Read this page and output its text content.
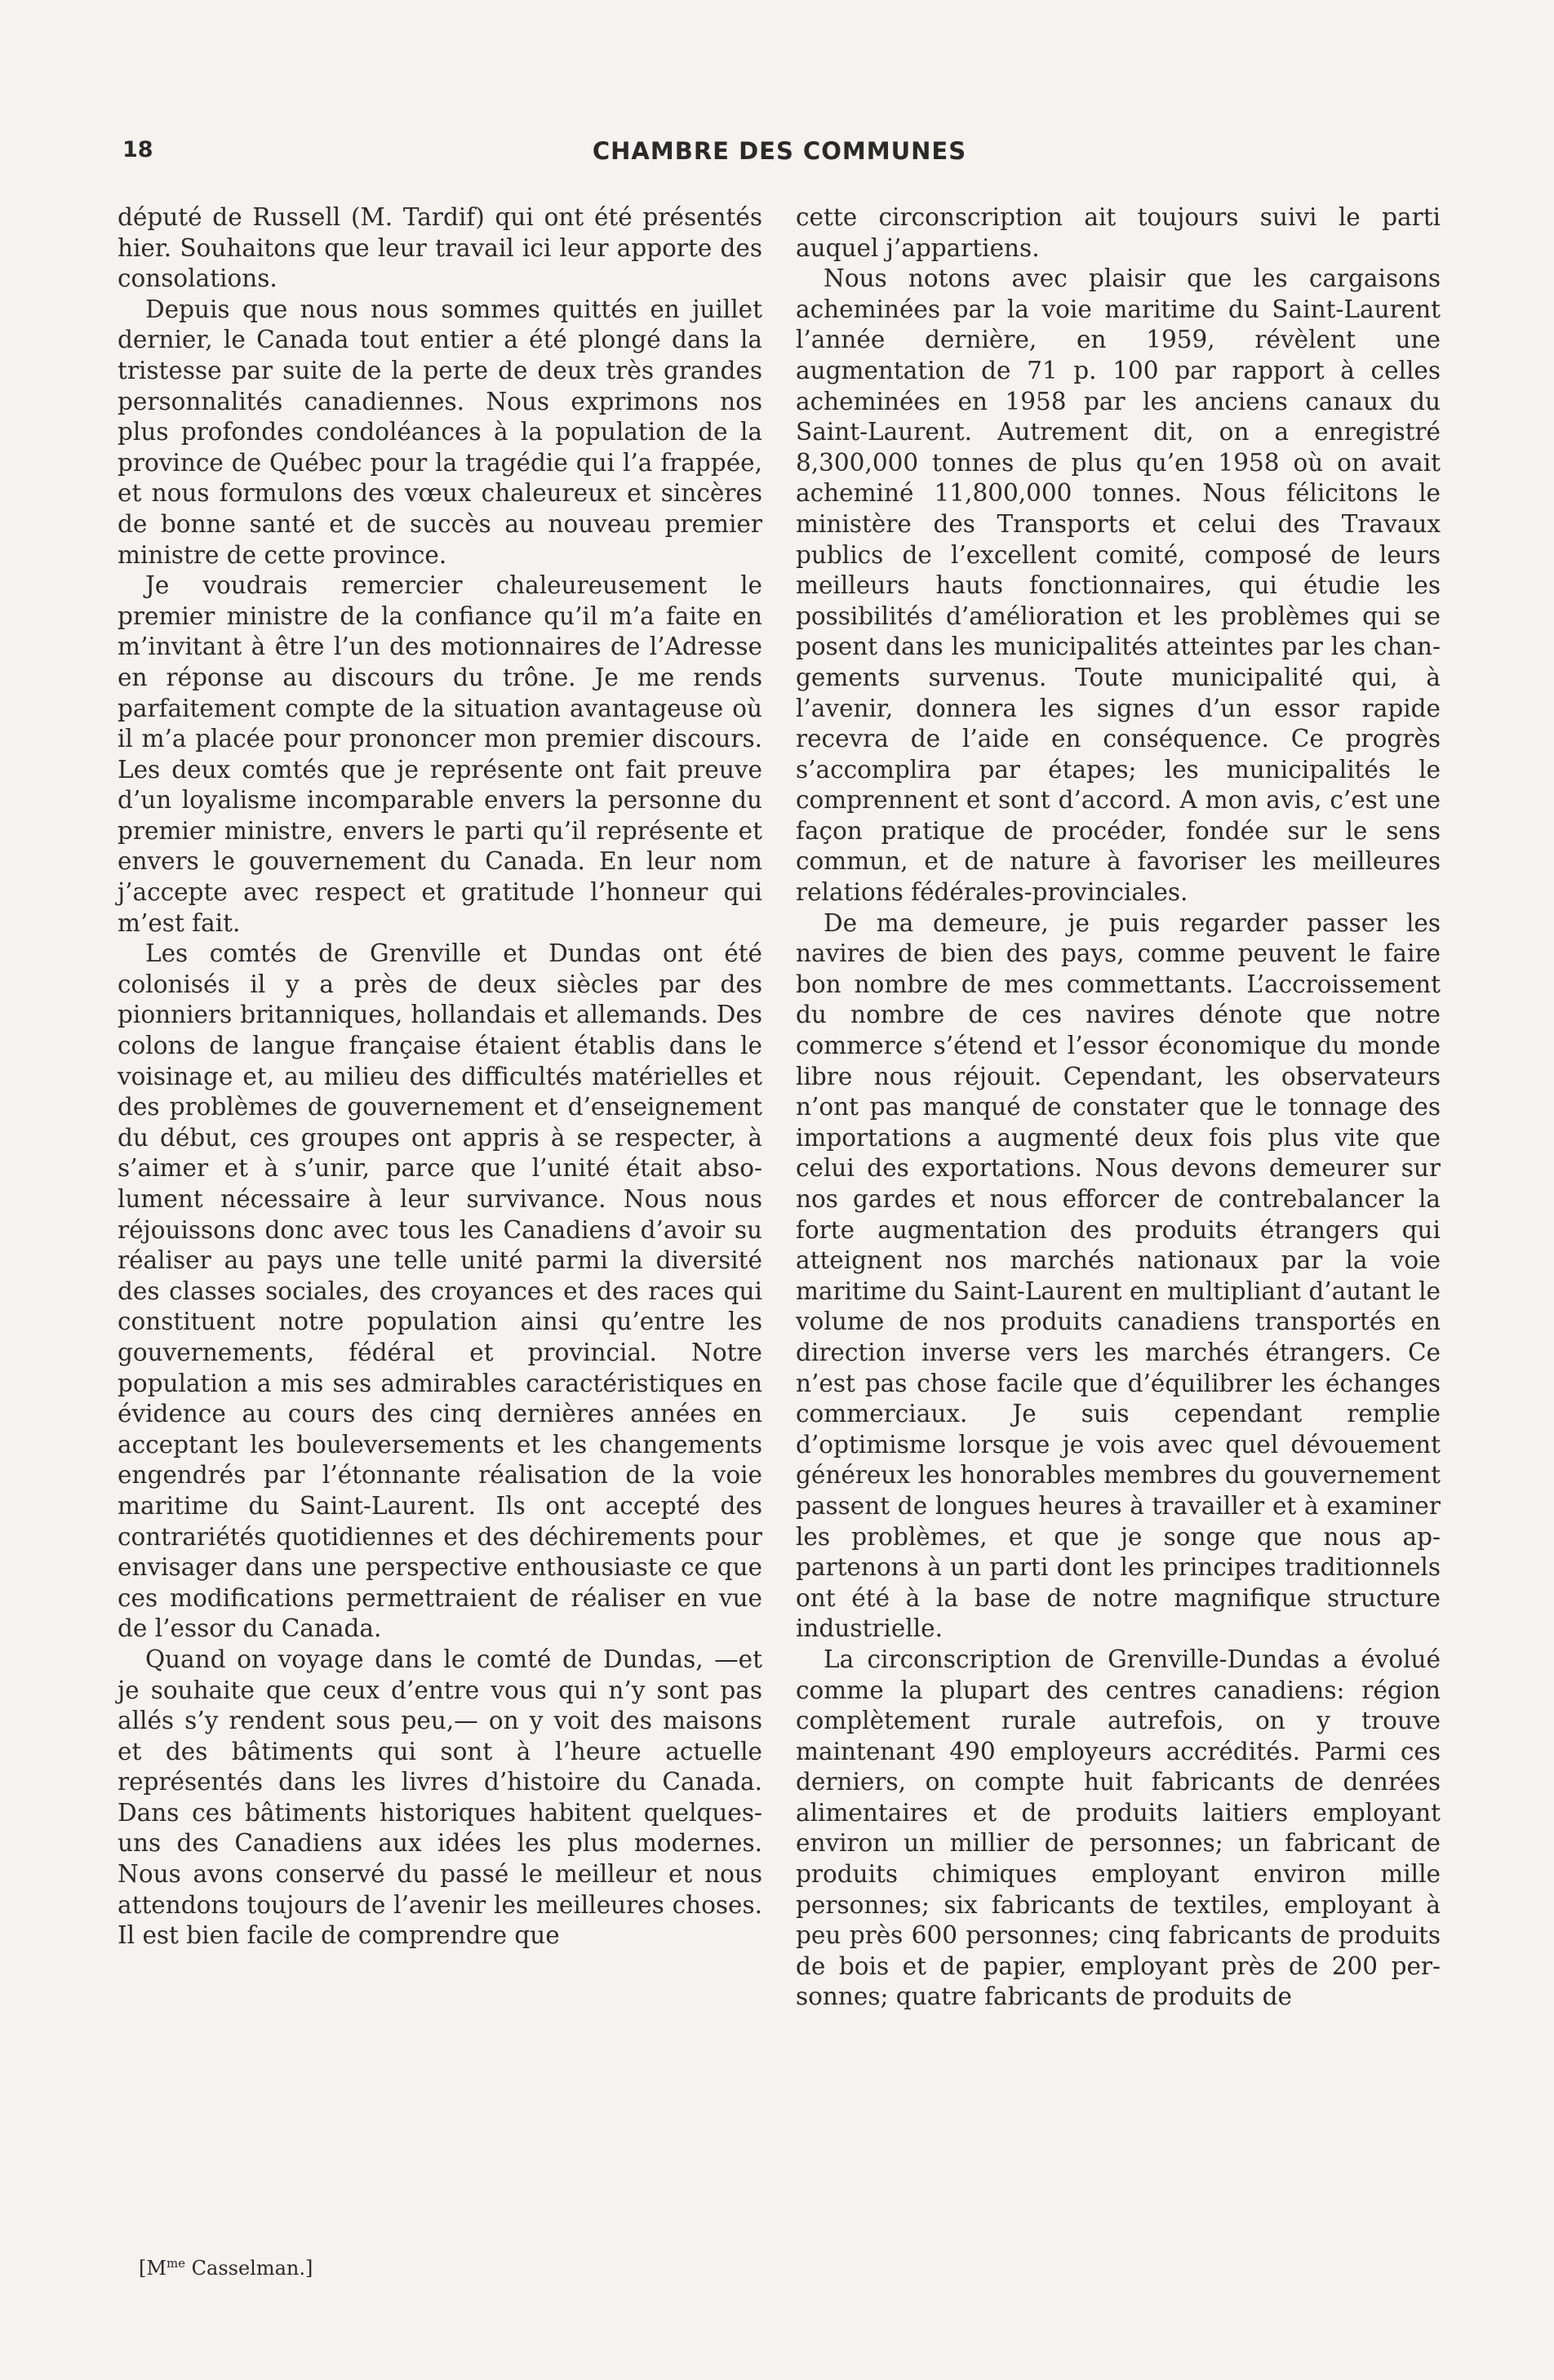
18	CHAMBRE DES COMMUNES

député de Russell (M. Tardif) qui ont été présentés hier. Souhaitons que leur travail ici leur apporte des consolations.

Depuis que nous nous sommes quittés en juillet dernier, le Canada tout entier a été plongé dans la tristesse par suite de la perte de deux très grandes personnalités canadiennes. Nous exprimons nos plus profondes condoléances à la population de la province de Québec pour la tragédie qui l’a frappée, et nous formulons des vœux chaleureux et sincères de bonne santé et de succès au nouveau premier ministre de cette province.

Je voudrais remercier chaleureusement le premier ministre de la confiance qu’il m’a faite en m’invitant à être l’un des motionnaires de l’Adresse en réponse au discours du trône. Je me rends parfaitement compte de la situation avantageuse où il m’a placée pour prononcer mon premier discours. Les deux comtés que je représente ont fait preuve d’un loyalisme incomparable envers la personne du premier ministre, envers le parti qu’il représente et envers le gouvernement du Canada. En leur nom j’accepte avec respect et gratitude l’honneur qui m’est fait.

Les comtés de Grenville et Dundas ont été colonisés il y a près de deux siècles par des pionniers britanniques, hollandais et allemands. Des colons de langue française étaient établis dans le voisinage et, au milieu des difficultés matérielles et des problèmes de gouvernement et d’enseignement du début, ces groupes ont appris à se respecter, à s’aimer et à s’unir, parce que l’unité était absolument nécessaire à leur survivance. Nous nous réjouissons donc avec tous les Canadiens d’avoir su réaliser au pays une telle unité parmi la diversité des classes sociales, des croyances et des races qui constituent notre population ainsi qu’entre les gouvernements, fédéral et provincial. Notre population a mis ses admirables caractéristiques en évidence au cours des cinq dernières années en acceptant les bouleversements et les changements engendrés par l’étonnante réalisation de la voie maritime du Saint-Laurent. Ils ont accepté des contrariétés quotidiennes et des déchirements pour envisager dans une perspective enthousiaste ce que ces modifications permettraient de réaliser en vue de l’essor du Canada.

Quand on voyage dans le comté de Dundas, —et je souhaite que ceux d’entre vous qui n’y sont pas allés s’y rendent sous peu,— on y voit des maisons et des bâtiments qui sont à l’heure actuelle représentés dans les livres d’histoire du Canada. Dans ces bâtiments historiques habitent quelques-uns des Canadiens aux idées les plus modernes. Nous avons conservé du passé le meilleur et nous attendons toujours de l’avenir les meilleures choses. Il est bien facile de comprendre que

cette circonscription ait toujours suivi le parti auquel j’appartiens.

Nous notons avec plaisir que les cargaisons acheminées par la voie maritime du Saint-Laurent l’année dernière, en 1959, révèlent une augmentation de 71 p. 100 par rapport à celles acheminées en 1958 par les anciens canaux du Saint-Laurent. Autrement dit, on a enregistré 8,300,000 tonnes de plus qu’en 1958 où on avait acheminé 11,800,000 tonnes. Nous félicitons le ministère des Transports et celui des Travaux publics de l’excellent comité, composé de leurs meilleurs hauts fonctionnaires, qui étudie les possibilités d’amélioration et les problèmes qui se posent dans les municipalités atteintes par les changements survenus. Toute municipalité qui, à l’avenir, donnera les signes d’un essor rapide recevra de l’aide en conséquence. Ce progrès s’accomplira par étapes; les municipalités le comprennent et sont d’accord. A mon avis, c’est une façon pratique de procéder, fondée sur le sens commun, et de nature à favoriser les meilleures relations fédérales-provinciales.

De ma demeure, je puis regarder passer les navires de bien des pays, comme peuvent le faire bon nombre de mes commettants. L’accroissement du nombre de ces navires dénote que notre commerce s’étend et l’essor économique du monde libre nous réjouit. Cependant, les observateurs n’ont pas manqué de constater que le tonnage des importations a augmenté deux fois plus vite que celui des exportations. Nous devons demeurer sur nos gardes et nous efforcer de contrebalancer la forte augmentation des produits étrangers qui atteignent nos marchés nationaux par la voie maritime du Saint-Laurent en multipliant d’autant le volume de nos produits canadiens transportés en direction inverse vers les marchés étrangers. Ce n’est pas chose facile que d’équilibrer les échanges commerciaux. Je suis cependant remplie d’optimisme lorsque je vois avec quel dévouement généreux les honorables membres du gouvernement passent de longues heures à travailler et à examiner les problèmes, et que je songe que nous appartenons à un parti dont les principes traditionnels ont été à la base de notre magnifique structure industrielle.

La circonscription de Grenville-Dundas a évolué comme la plupart des centres canadiens: région complètement rurale autrefois, on y trouve maintenant 490 employeurs accrédités. Parmi ces derniers, on compte huit fabricants de denrées alimentaires et de produits laitiers employant environ un millier de personnes; un fabricant de produits chimiques employant environ mille personnes; six fabricants de textiles, employant à peu près 600 personnes; cinq fabricants de produits de bois et de papier, employant près de 200 personnes; quatre fabricants de produits de

[$M^{me}$ Casselman.]
